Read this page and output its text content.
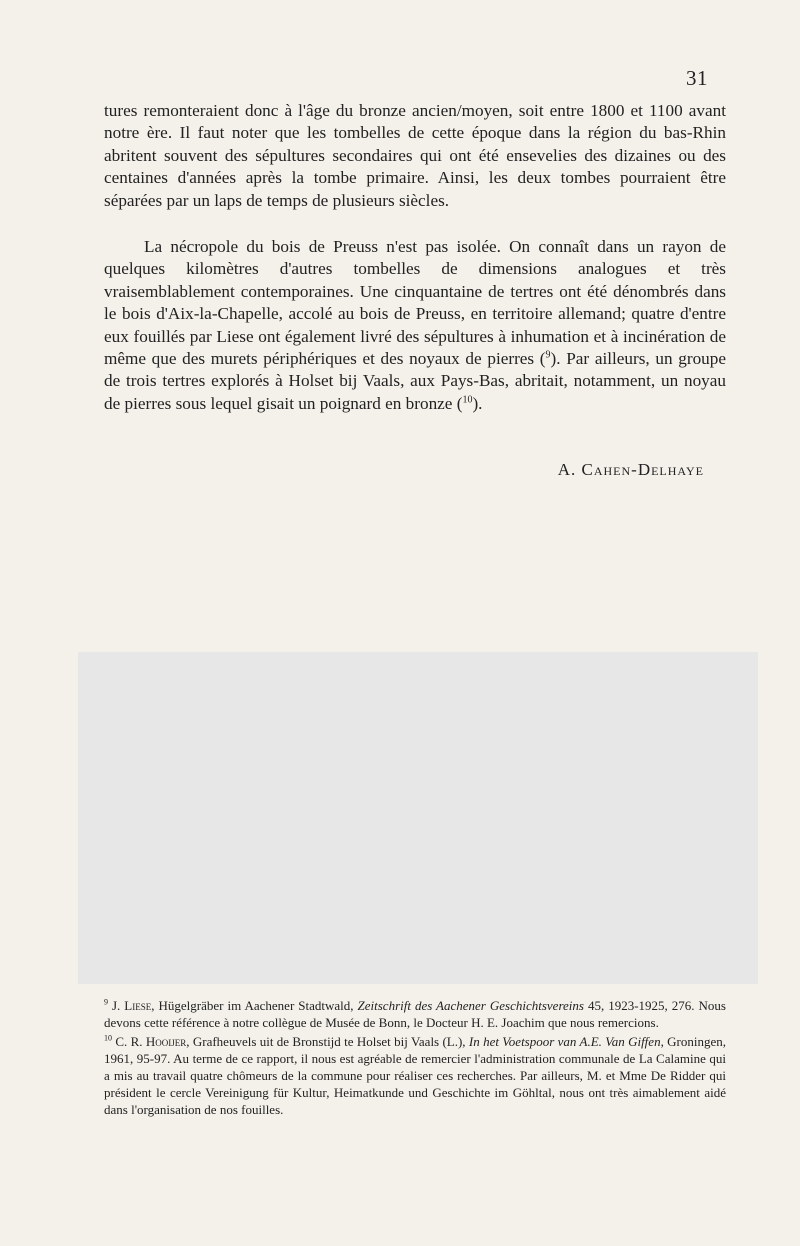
31

tures remonteraient donc à l'âge du bronze ancien/moyen, soit entre 1800 et 1100 avant notre ère. Il faut noter que les tombelles de cette époque dans la région du bas-Rhin abritent souvent des sépultures secondaires qui ont été ensevelies des dizaines ou des centaines d'années après la tombe primaire. Ainsi, les deux tombes pourraient être séparées par un laps de temps de plusieurs siècles.

La nécropole du bois de Preuss n'est pas isolée. On connaît dans un rayon de quelques kilomètres d'autres tombelles de dimensions analogues et très vraisemblablement contemporaines. Une cinquantaine de tertres ont été dénombrés dans le bois d'Aix-la-Chapelle, accolé au bois de Preuss, en territoire allemand; quatre d'entre eux fouillés par Liese ont également livré des sépultures à inhumation et à incinération de même que des murets périphériques et des noyaux de pierres ($^9$). Par ailleurs, un groupe de trois tertres explorés à Holset bij Vaals, aux Pays-Bas, abritait, notamment, un noyau de pierres sous lequel gisait un poignard en bronze ($^{10}$).

A. Cahen-Delhaye

$^9$ J. Liese, Hügelgräber im Aachener Stadtwald, Zeitschrift des Aachener Geschichtsvereins 45, 1923-1925, 276. Nous devons cette référence à notre collègue de Musée de Bonn, le Docteur H. E. Joachim que nous remercions.

$^{10}$ C. R. Hooijer, Grafheuvels uit de Bronstijd te Holset bij Vaals (L.), In het Voetspoor van A.E. Van Giffen, Groningen, 1961, 95-97. Au terme de ce rapport, il nous est agréable de remercier l'administration communale de La Calamine qui a mis au travail quatre chômeurs de la commune pour réaliser ces recherches. Par ailleurs, M. et Mme De Ridder qui président le cercle Vereinigung für Kultur, Heimatkunde und Geschichte im Göhltal, nous ont très aimablement aidé dans l'organisation de nos fouilles.
